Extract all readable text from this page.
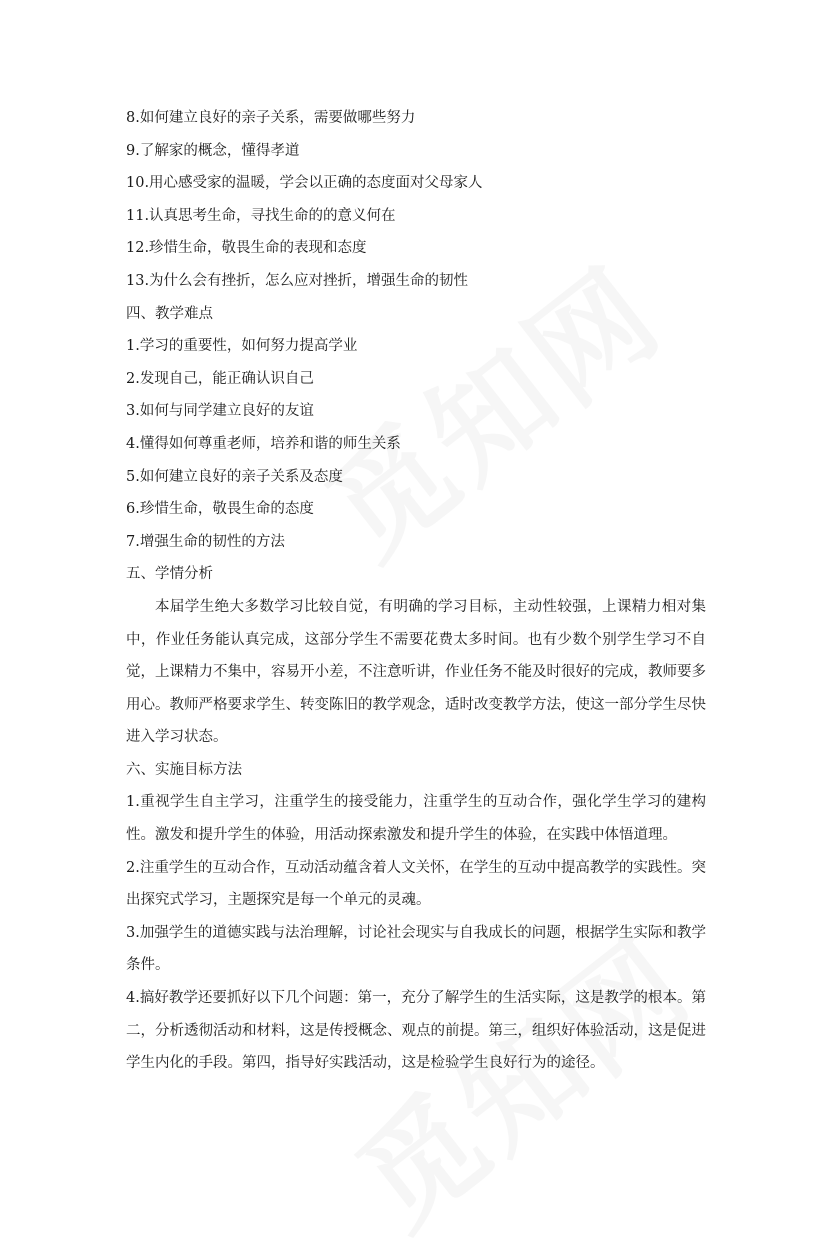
8.如何建立良好的亲子关系，需要做哪些努力

9.了解家的概念，懂得孝道

10.用心感受家的温暖，学会以正确的态度面对父母家人

11.认真思考生命，寻找生命的的意义何在

12.珍惜生命，敬畏生命的表现和态度

13.为什么会有挫折，怎么应对挫折，增强生命的韧性

四、教学难点

1.学习的重要性，如何努力提高学业

2.发现自己，能正确认识自己

3.如何与同学建立良好的友谊

4.懂得如何尊重老师，培养和谐的师生关系

5.如何建立良好的亲子关系及态度

6.珍惜生命，敬畏生命的态度

7.增强生命的韧性的方法

五、学情分析

本届学生绝大多数学习比较自觉，有明确的学习目标，主动性较强，上课精力相对集中，作业任务能认真完成，这部分学生不需要花费太多时间。也有少数个别学生学习不自觉，上课精力不集中，容易开小差，不注意听讲，作业任务不能及时很好的完成，教师要多用心。教师严格要求学生、转变陈旧的教学观念，适时改变教学方法，使这一部分学生尽快进入学习状态。

六、实施目标方法

1.重视学生自主学习，注重学生的接受能力，注重学生的互动合作，强化学生学习的建构性。激发和提升学生的体验，用活动探索激发和提升学生的体验，在实践中体悟道理。

2.注重学生的互动合作，互动活动蕴含着人文关怀，在学生的互动中提高教学的实践性。突出探究式学习，主题探究是每一个单元的灵魂。

3.加强学生的道德实践与法治理解，讨论社会现实与自我成长的问题，根据学生实际和教学条件。

4.搞好教学还要抓好以下几个问题：第一，充分了解学生的生活实际，这是教学的根本。第二，分析透彻活动和材料，这是传授概念、观点的前提。第三，组织好体验活动，这是促进学生内化的手段。第四，指导好实践活动，这是检验学生良好行为的途径。
